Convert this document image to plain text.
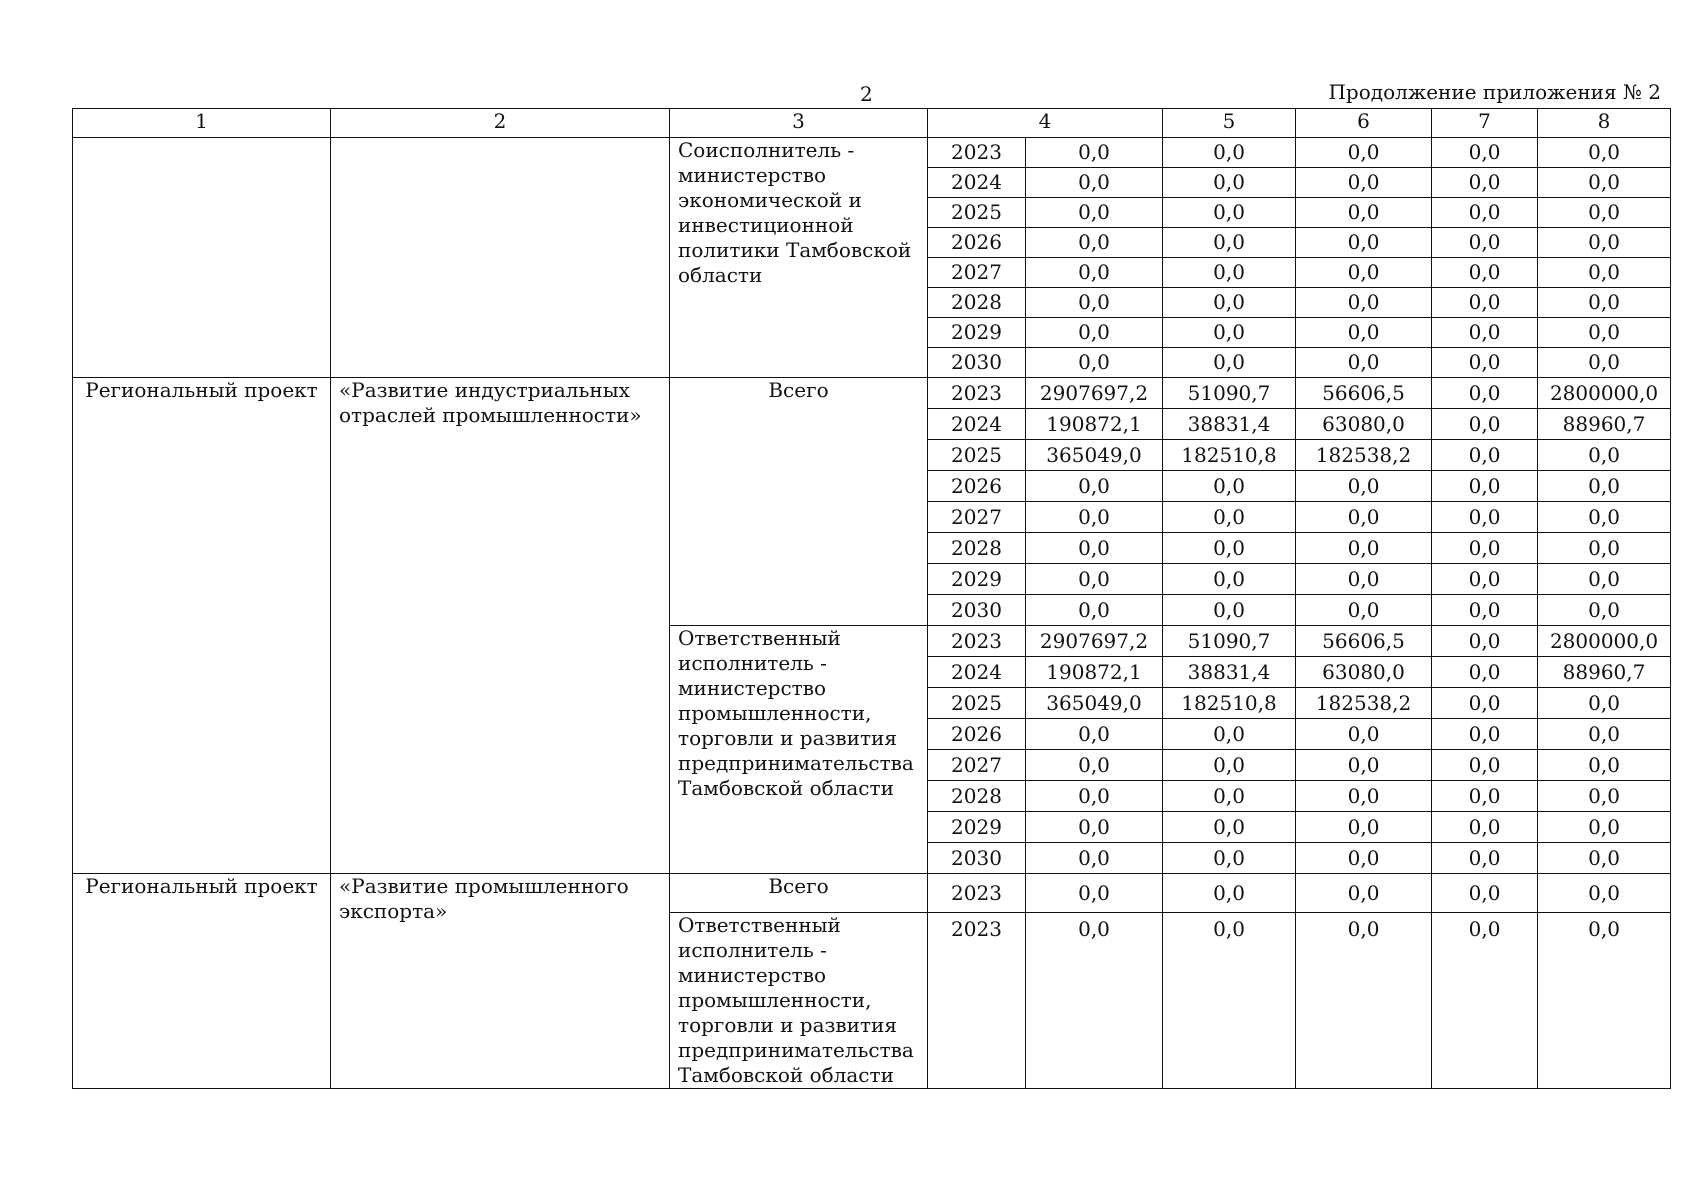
2	Продолжение приложения № 2
1	2	3	4		5	6	7	8
		Соисполнитель - министерство экономической и инвестиционной политики Тамбовской области	2023	0,0	0,0	0,0	0,0	0,0
			2024	0,0	0,0	0,0	0,0	0,0
			2025	0,0	0,0	0,0	0,0	0,0
			2026	0,0	0,0	0,0	0,0	0,0
			2027	0,0	0,0	0,0	0,0	0,0
			2028	0,0	0,0	0,0	0,0	0,0
			2029	0,0	0,0	0,0	0,0	0,0
			2030	0,0	0,0	0,0	0,0	0,0
Региональный проект	«Развитие индустриальных отраслей промышленности»	Всего	2023	2907697,2	51090,7	56606,5	0,0	2800000,0
			2024	190872,1	38831,4	63080,0	0,0	88960,7
			2025	365049,0	182510,8	182538,2	0,0	0,0
			2026	0,0	0,0	0,0	0,0	0,0
			2027	0,0	0,0	0,0	0,0	0,0
			2028	0,0	0,0	0,0	0,0	0,0
			2029	0,0	0,0	0,0	0,0	0,0
			2030	0,0	0,0	0,0	0,0	0,0
		Ответственный исполнитель - министерство промышленности, торговли и развития предпринимательства Тамбовской области	2023	2907697,2	51090,7	56606,5	0,0	2800000,0
			2024	190872,1	38831,4	63080,0	0,0	88960,7
			2025	365049,0	182510,8	182538,2	0,0	0,0
			2026	0,0	0,0	0,0	0,0	0,0
			2027	0,0	0,0	0,0	0,0	0,0
			2028	0,0	0,0	0,0	0,0	0,0
			2029	0,0	0,0	0,0	0,0	0,0
			2030	0,0	0,0	0,0	0,0	0,0
Региональный проект	«Развитие промышленного экспорта»	Всего	2023	0,0	0,0	0,0	0,0	0,0
		Ответственный исполнитель - министерство промышленности, торговли и развития предпринимательства Тамбовской области	2023	0,0	0,0	0,0	0,0	0,0
